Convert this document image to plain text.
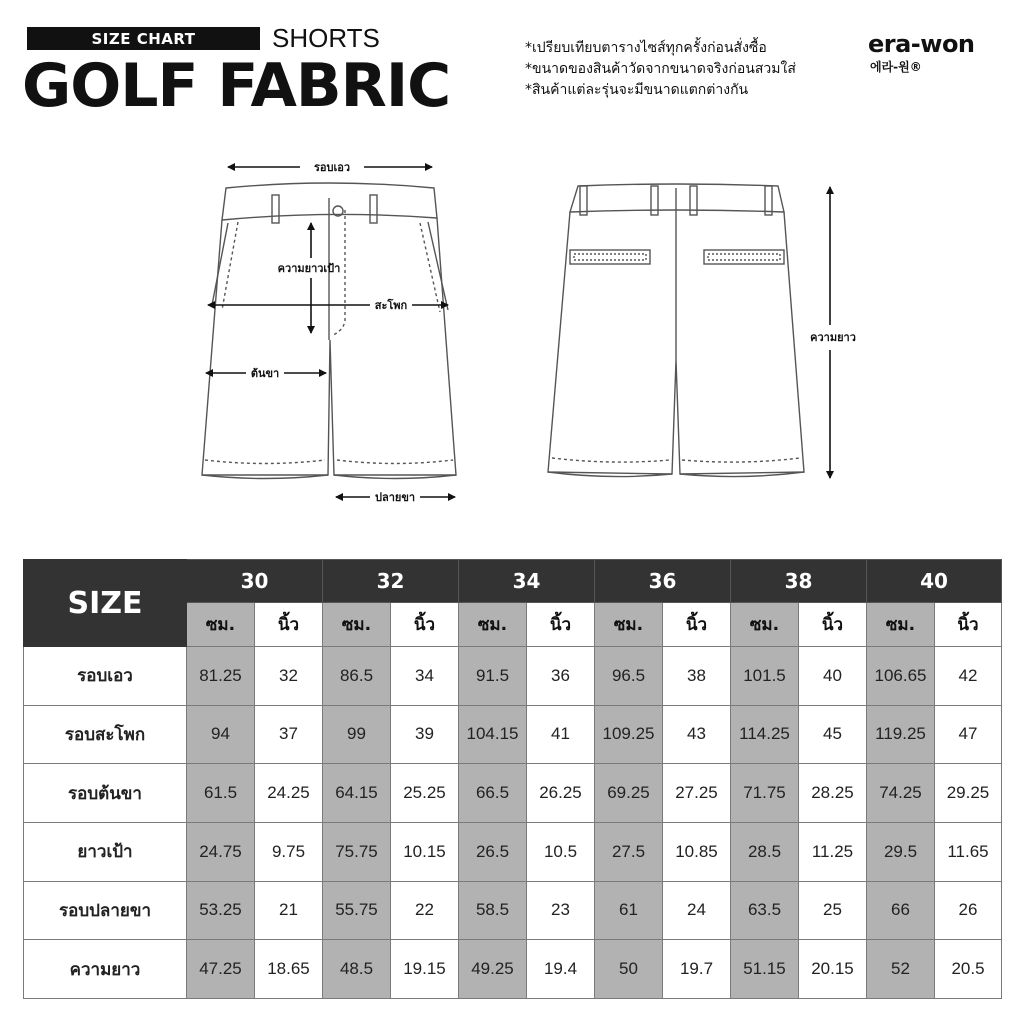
SIZE CHART	SHORTS
GOLF FABRIC
*เปรียบเทียบตารางไซส์ทุกครั้งก่อนสั่งซื้อ
*ขนาดของสินค้าวัดจากขนาดจริงก่อนสวมใส่
*สินค้าแต่ละรุ่นจะมีขนาดแตกต่างกัน
era-won
에라-원®
รอบเอว
ความยาวเป้า
สะโพก
ต้นขา
ปลายขา
ความยาว
SIZE	30		32		34		36		38		40	
	ซม.	นิ้ว	ซม.	นิ้ว	ซม.	นิ้ว	ซม.	นิ้ว	ซม.	นิ้ว	ซม.	นิ้ว
รอบเอว	81.25	32	86.5	34	91.5	36	96.5	38	101.5	40	106.65	42
รอบสะโพก	94	37	99	39	104.15	41	109.25	43	114.25	45	119.25	47
รอบต้นขา	61.5	24.25	64.15	25.25	66.5	26.25	69.25	27.25	71.75	28.25	74.25	29.25
ยาวเป้า	24.75	9.75	75.75	10.15	26.5	10.5	27.5	10.85	28.5	11.25	29.5	11.65
รอบปลายขา	53.25	21	55.75	22	58.5	23	61	24	63.5	25	66	26
ความยาว	47.25	18.65	48.5	19.15	49.25	19.4	50	19.7	51.15	20.15	52	20.5
